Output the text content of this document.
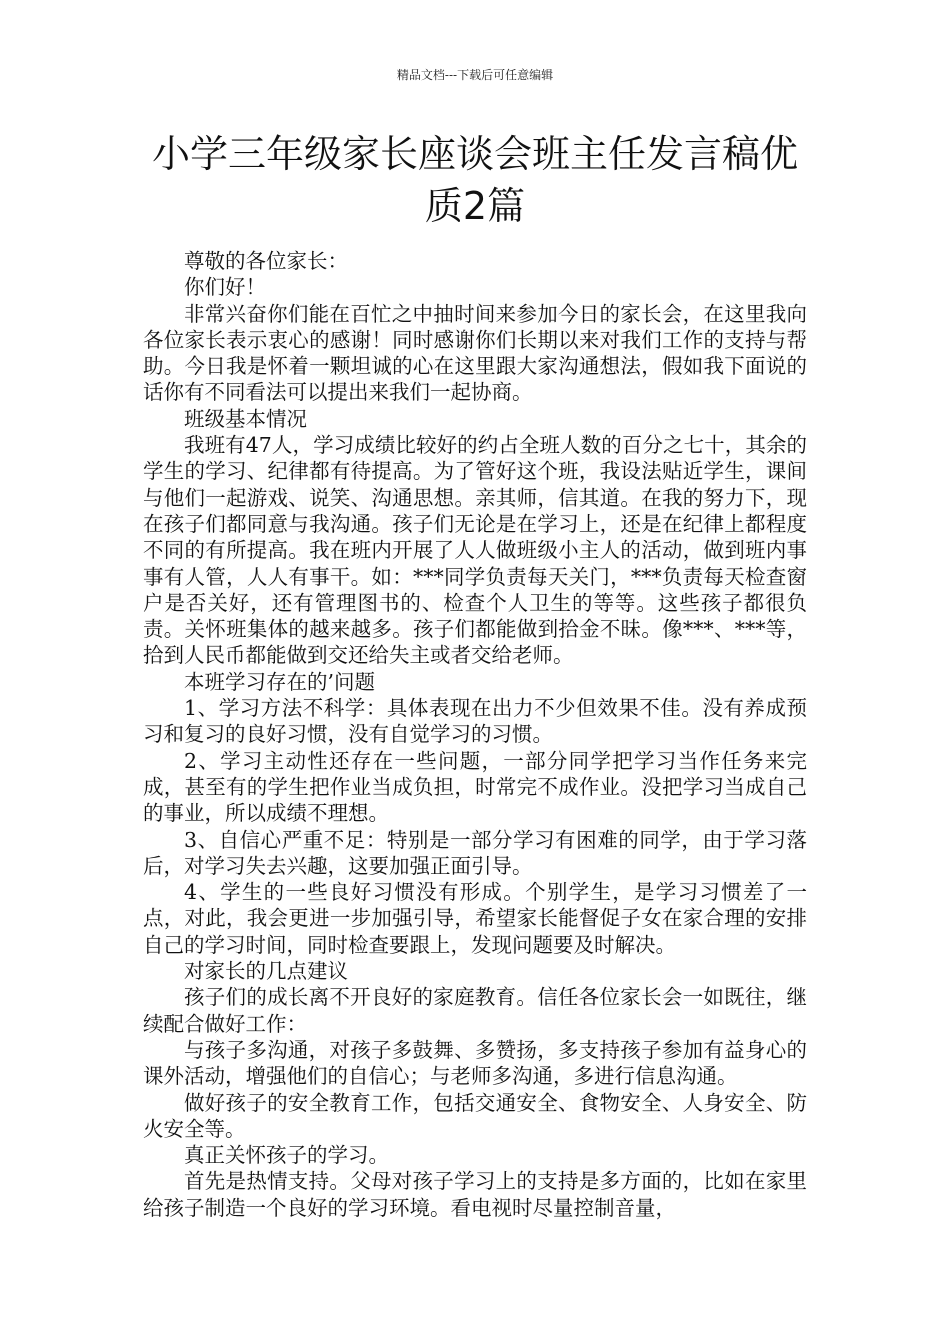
精品文档---下载后可任意编辑
小学三年级家长座谈会班主任发言稿优质2篇

尊敬的各位家长：

你们好！

非常兴奋你们能在百忙之中抽时间来参加今日的家长会，在这里我向各位家长表示衷心的感谢！同时感谢你们长期以来对我们工作的支持与帮助。今日我是怀着一颗坦诚的心在这里跟大家沟通想法，假如我下面说的话你有不同看法可以提出来我们一起协商。

班级基本情况

我班有47人，学习成绩比较好的约占全班人数的百分之七十，其余的学生的学习、纪律都有待提高。为了管好这个班，我设法贴近学生，课间与他们一起游戏、说笑、沟通思想。亲其师，信其道。在我的努力下，现在孩子们都同意与我沟通。孩子们无论是在学习上，还是在纪律上都程度不同的有所提高。我在班内开展了人人做班级小主人的活动，做到班内事事有人管，人人有事干。如：***同学负责每天关门，***负责每天检查窗户是否关好，还有管理图书的、检查个人卫生的等等。这些孩子都很负责。关怀班集体的越来越多。孩子们都能做到拾金不昧。像***、***等，拾到人民币都能做到交还给失主或者交给老师。

本班学习存在的’问题

1、学习方法不科学：具体表现在出力不少但效果不佳。没有养成预习和复习的良好习惯，没有自觉学习的习惯。

2、学习主动性还存在一些问题，一部分同学把学习当作任务来完成，甚至有的学生把作业当成负担，时常完不成作业。没把学习当成自己的事业，所以成绩不理想。

3、自信心严重不足：特别是一部分学习有困难的同学，由于学习落后，对学习失去兴趣，这要加强正面引导。

4、学生的一些良好习惯没有形成。个别学生，是学习习惯差了一点，对此，我会更进一步加强引导，希望家长能督促子女在家合理的安排自己的学习时间，同时检查要跟上，发现问题要及时解决。

对家长的几点建议

孩子们的成长离不开良好的家庭教育。信任各位家长会一如既往，继续配合做好工作：

与孩子多沟通，对孩子多鼓舞、多赞扬，多支持孩子参加有益身心的课外活动，增强他们的自信心；与老师多沟通，多进行信息沟通。

做好孩子的安全教育工作，包括交通安全、食物安全、人身安全、防火安全等。

真正关怀孩子的学习。

首先是热情支持。父母对孩子学习上的支持是多方面的，比如在家里给孩子制造一个良好的学习环境。看电视时尽量控制音量，
